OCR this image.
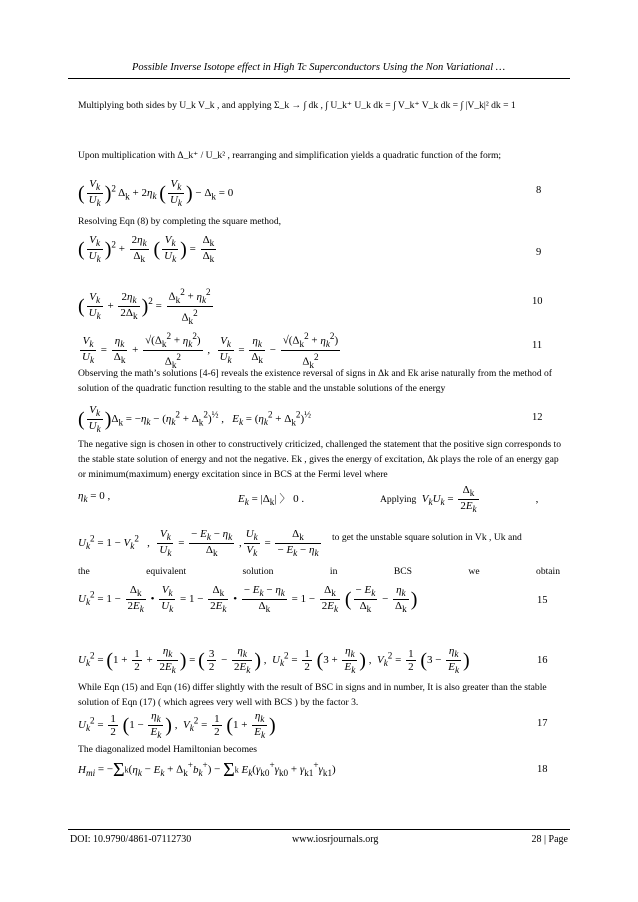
Possible Inverse Isotope effect in High Tc Superconductors Using the Non Variational …
Multiplying both sides by U_k V_k , and applying Σ_k → ∫ dk , ∫ U_k⁺ U_k dk = ∫ V_k⁺ V_k dk = ∫ |V_k|² dk = 1
Upon multiplication with Δ_k⁺ / U_k² , rearranging and simplification yields a quadratic function of the form;
( $\frac{V_k}{U_k} )^2$ $\Delta_k + 2\eta_k$ ( $\frac{V_k}{U_k}$ ) − $\Delta_k = 0$	8
Resolving Eqn (8) by completing the square method,
( $\frac{V_k}{U_k} )^2 + \frac{2\eta_k}{\Delta_k}$ ( $\frac{V_k}{U_k}$ ) = $\frac{\Delta_k}{\Delta_k}$	9
( $\frac{V_k}{U_k} + \frac{2\eta_k}{2\Delta_k} )^2 = \frac{\Delta_k^2 + \eta_k^2}{\Delta_k^2}$	10
$\frac{V_k}{U_k} = \frac{\eta_k}{\Delta_k} + \frac{√(\Delta_k^2 + \eta_k^2)}{\Delta_k^2}$ , $\frac{V_k}{U_k} = \frac{\eta_k}{\Delta_k} - \frac{√(\Delta_k^2 + \eta_k^2)}{\Delta_k^2}$	11
Observing the math’s solutions [4-6] reveals the existence reversal of signs in Δk and Ek arise naturally from the method of solution of the quadratic function resulting to the stable and the unstable solutions of the energy
( $\frac{V_k}{U_k} )\Delta_k = -\eta_k - (\eta_k^2 + \Delta_k^2)^{\frac{1}{2}}$ ,   $E_k = (\eta_k^2 + \Delta_k^2)^{\frac{1}{2}}$	12
The negative sign is chosen in other to constructively criticized, challenged the statement that the positive sign corresponds to the stable state solution of energy and not the negative. Ek , gives the energy of excitation, Δk plays the role of an energy gap or minimum(maximum) energy excitation since in BCS at the Fermi level where
$\eta_k = 0$ ,	$E_k = |\Delta_k|$ 〉 0 .	Applying $V_kU_k = \frac{\Delta_k}{2E_k}$ ,
$U_k^2 = 1 - V_k^2$   , $\frac{V_k}{U_k} = \frac{- E_k - \eta_k}{\Delta_k}$ , $\frac{U_k}{V_k} = \frac{\Delta_k}{- E_k - \eta_k}$ to get the unstable square solution in Vk , Uk and
the equivalent solution in BCS we obtain
$U_k^2 = 1 - \frac{\Delta_k}{2E_k}$ • $\frac{V_k}{U_k} = 1 - \frac{\Delta_k}{2E_k}$ • $\frac{- E_k - \eta_k}{\Delta_k} = 1 - \frac{\Delta_k}{2E_k}$ ( $\frac{- E_k}{\Delta_k} - \frac{\eta_k}{\Delta_k}$ )	15
$U_k^2 = (1 + \frac{1}{2} + \frac{\eta_k}{2E_k}$ ) = ( $\frac{3}{2} - \frac{\eta_k}{2E_k}$ ) ,  $U_k^2 = \frac{1}{2} (3 + \frac{\eta_k}{E_k}$ ) ,  $V_k^2 = \frac{1}{2} (3 - \frac{\eta_k}{E_k}$ )	16
While Eqn (15) and Eqn (16) differ slightly with the result of BSC in signs and in number, It is also greater than the stable solution of Eqn (17) ( which agrees very well with BCS ) by the factor 3.
$U_k^2 = \frac{1}{2} (1 - \frac{\eta_k}{E_k}$ ) ,  $V_k^2 = \frac{1}{2} (1 + \frac{\eta_k}{E_k}$ )	17
The diagonalized model Hamiltonian becomes
$H_{mi} = -\Sigma k(\eta_k - E_k + \Delta_k^+b_k^+) - \Sigma k$ $E_k(\gamma_{k0}^+\gamma_{k0} + \gamma_{k1}^+\gamma_{k1})$	18
DOI: 10.9790/4861-07112730	www.iosrjournals.org	28 | Page
